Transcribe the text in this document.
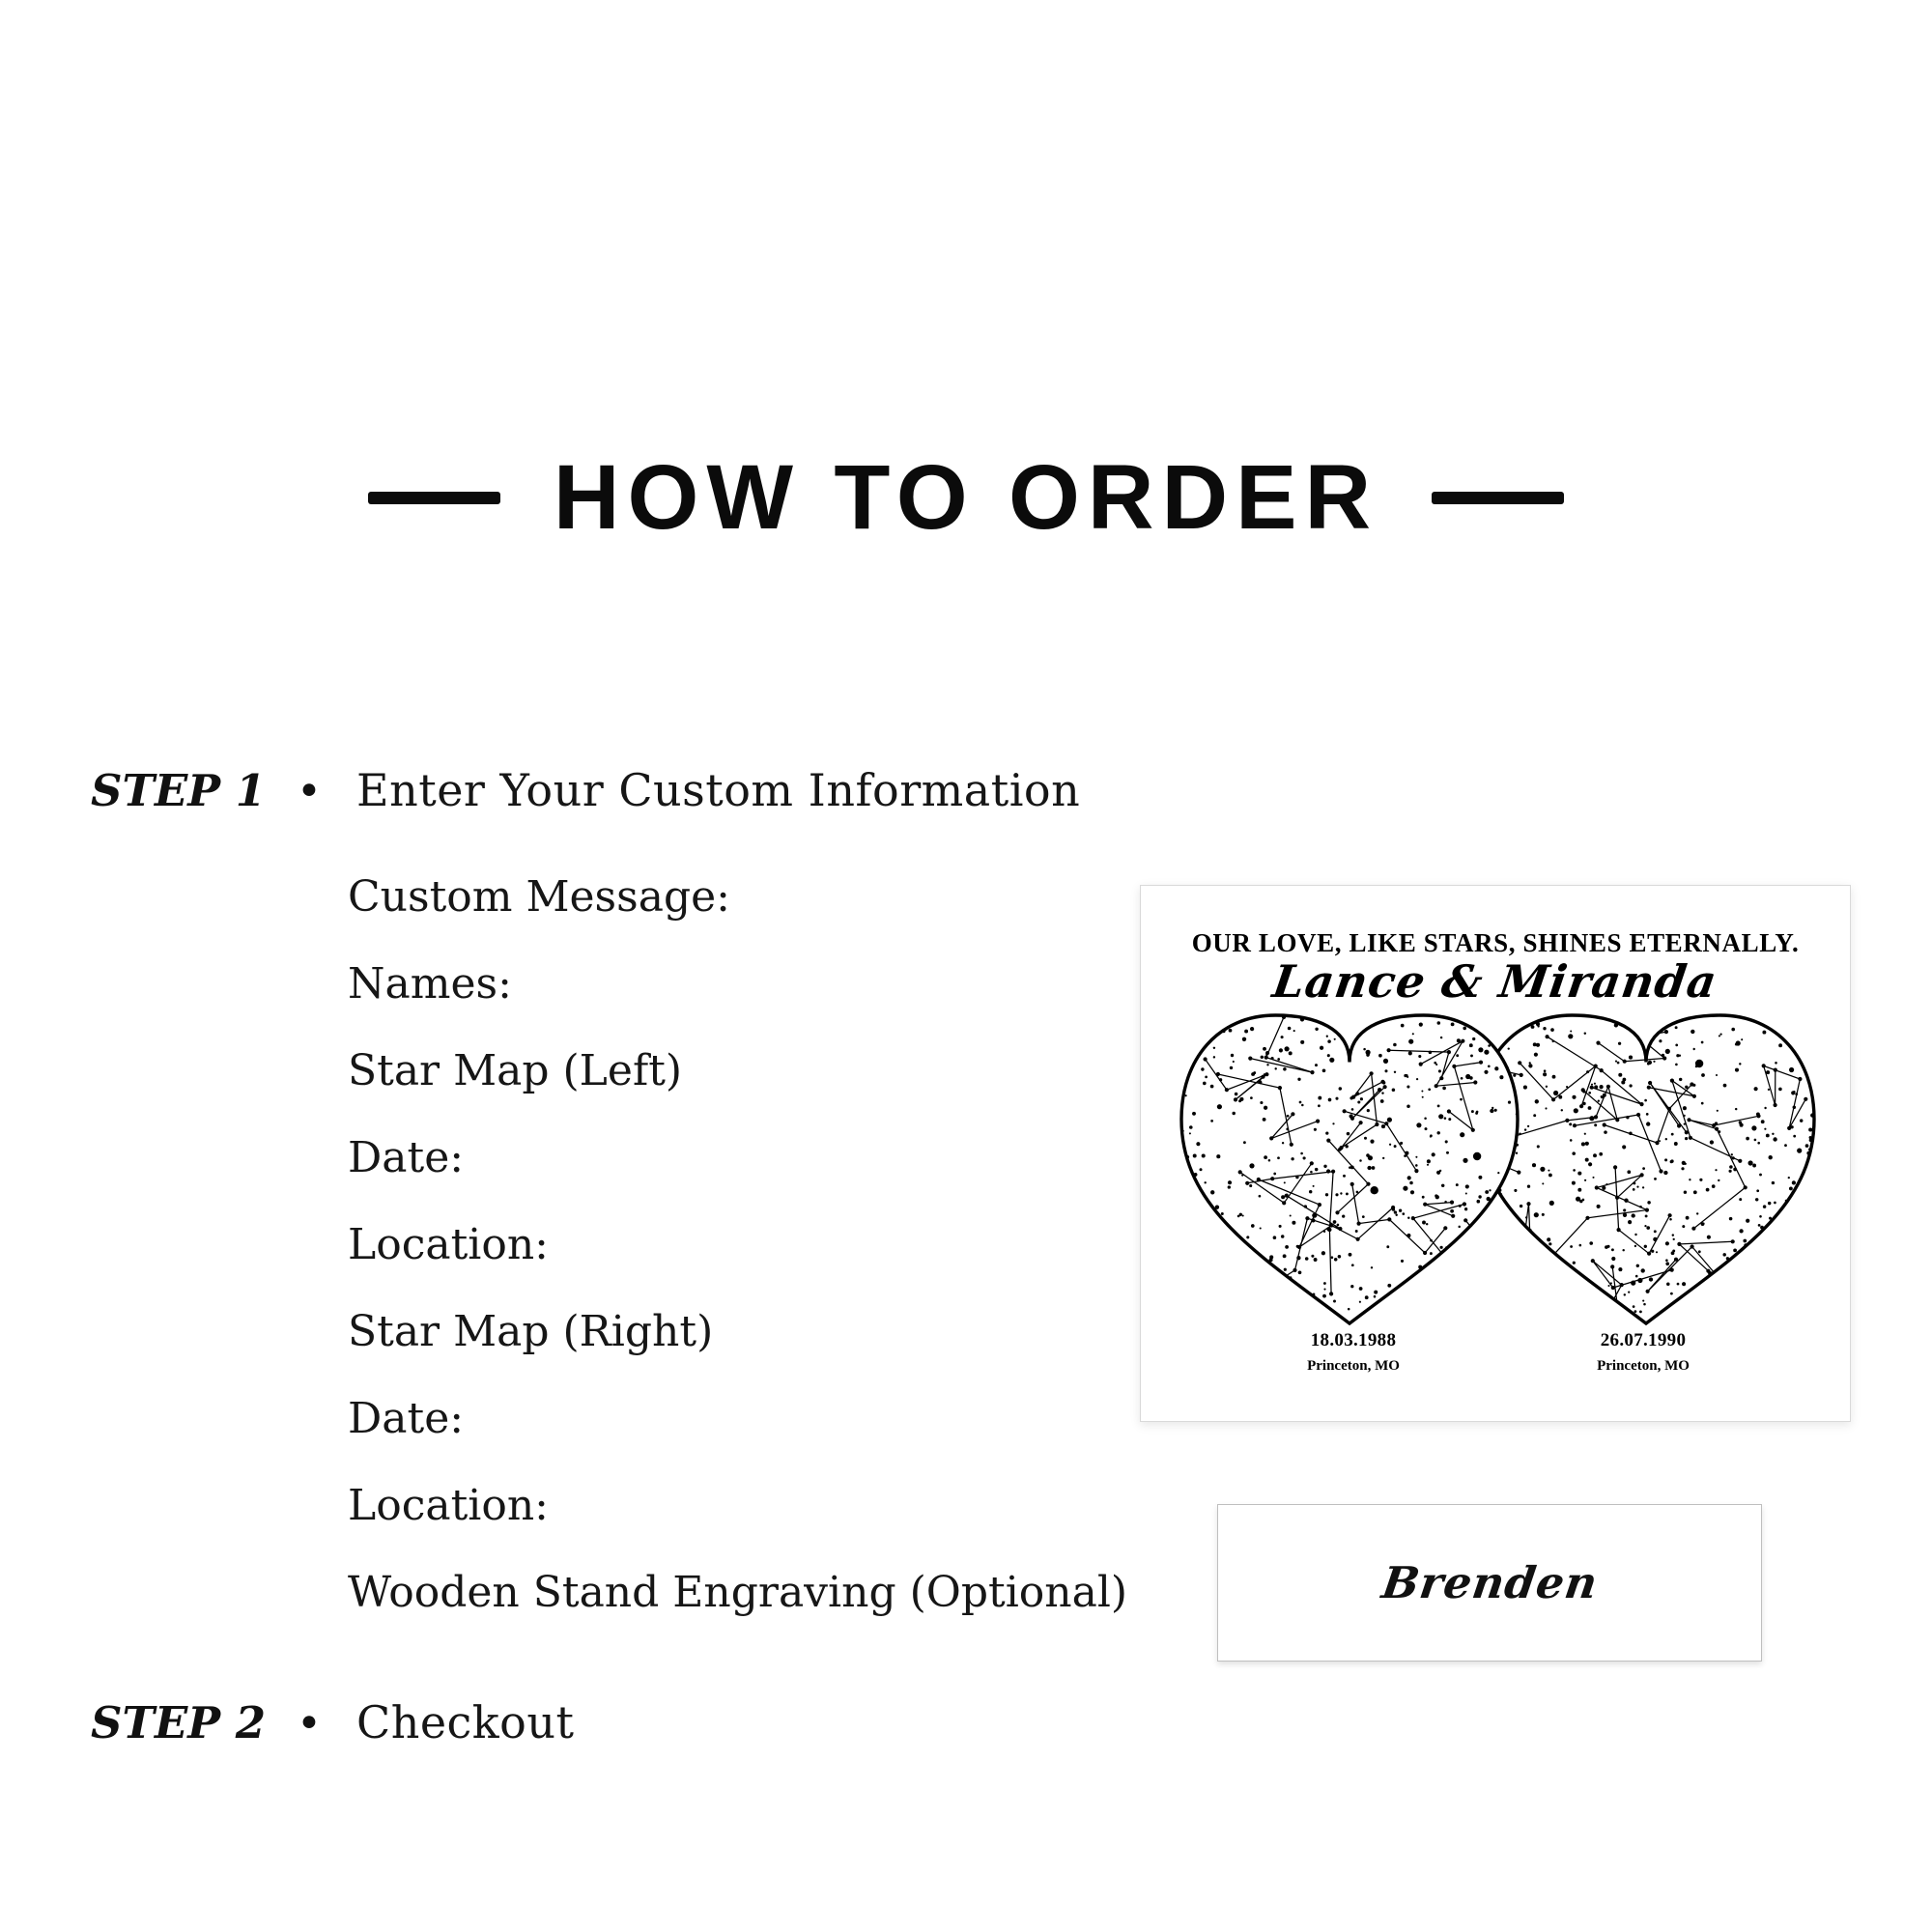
HOW TO ORDER
STEP 1 • Enter Your Custom Information
Custom Message:
Names:
Star Map (Left)
Date:
Location:
Star Map (Right)
Date:
Location:
Wooden Stand Engraving (Optional)
OUR LOVE, LIKE STARS, SHINES ETERNALLY.
Lance & Miranda
18.03.1988
Princeton, MO
26.07.1990
Princeton, MO
Brenden
STEP 2 • Checkout
